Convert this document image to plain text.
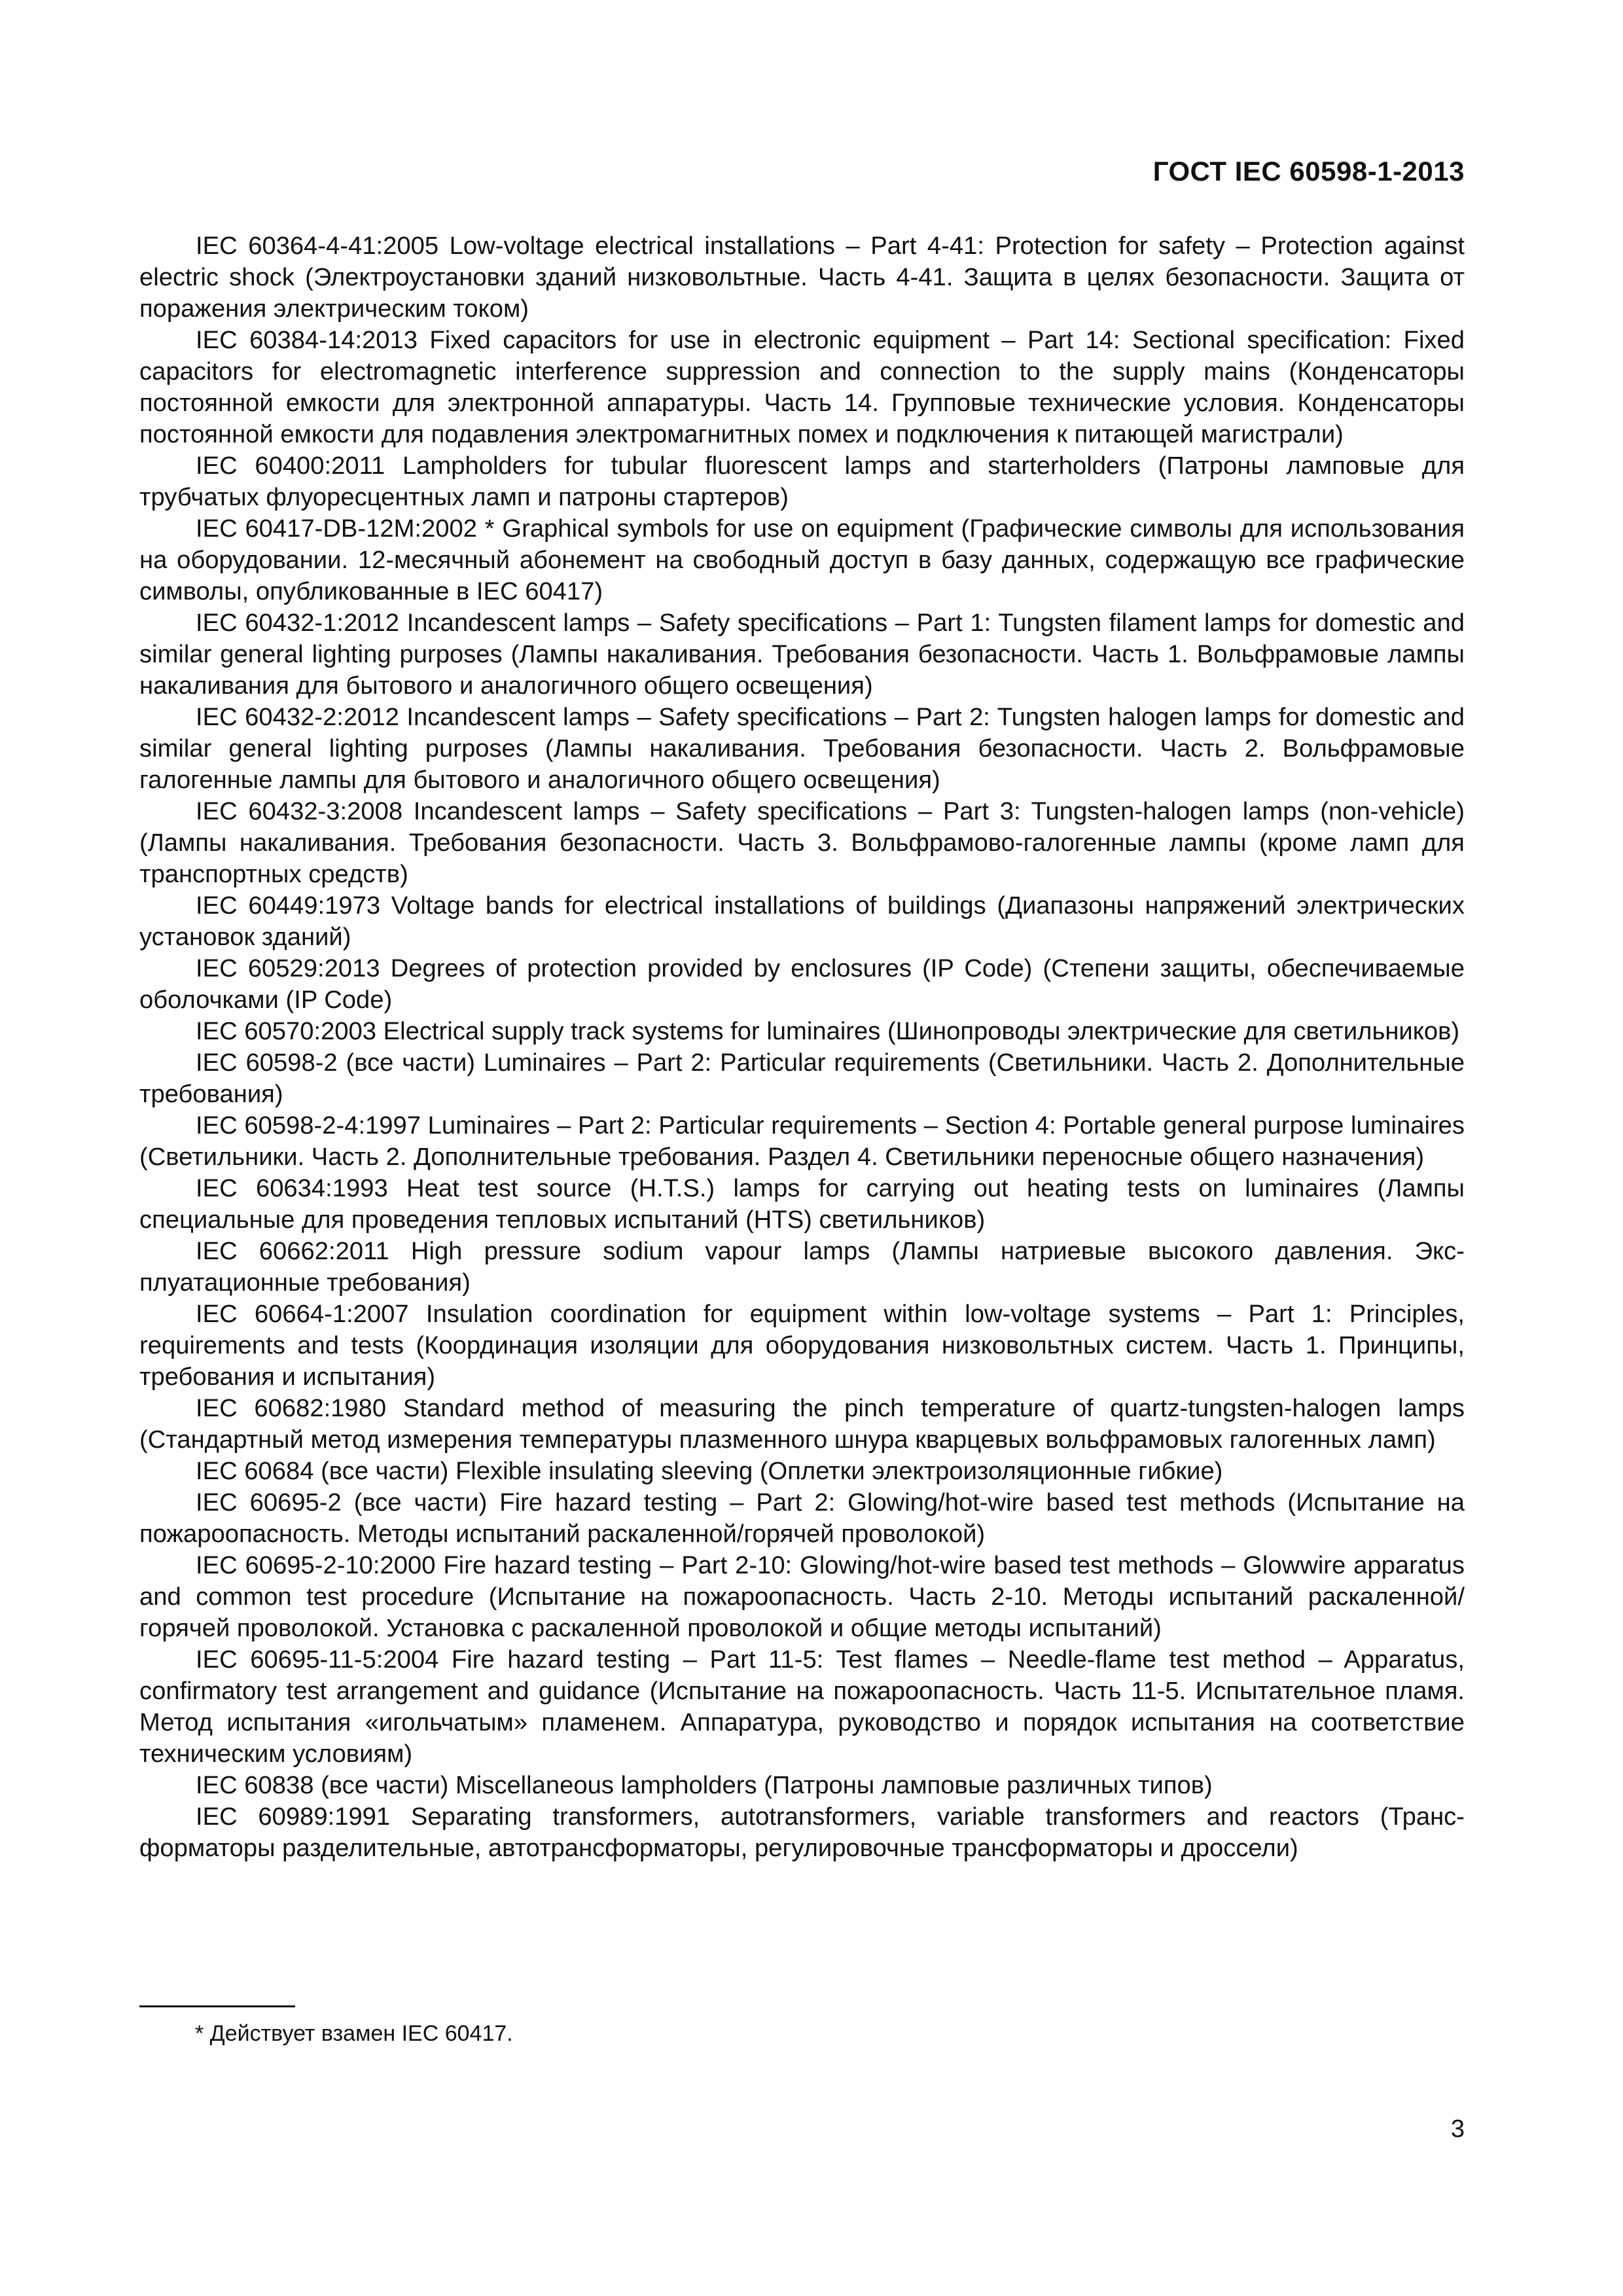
ГОСТ IEC 60598-1-2013

IEC 60364-4-41:2005 Low-voltage electrical installations – Part 4-41: Protection for safety – Protection against electric shock (Электроустановки зданий низковольтные. Часть 4-41. Защита в целях безопасности. Защита от поражения электрическим током)

IEC 60384-14:2013 Fixed capacitors for use in electronic equipment – Part 14: Sectional specification: Fixed capacitors for electromagnetic interference suppression and connection to the supply mains (Конденсаторы постоянной емкости для электронной аппаратуры. Часть 14. Групповые технические условия. Конденсаторы постоянной емкости для подавления электромагнитных помех и подключения к питающей магистрали)

IEC 60400:2011 Lampholders for tubular fluorescent lamps and starterholders (Патроны ламповые для трубчатых флуоресцентных ламп и патроны стартеров)

IEC 60417-DB-12M:2002 * Graphical symbols for use on equipment (Графические символы для использования на оборудовании. 12-месячный абонемент на свободный доступ в базу данных, содержащую все графические символы, опубликованные в IEC 60417)

IEC 60432-1:2012 Incandescent lamps – Safety specifications – Part 1: Tungsten filament lamps for domestic and similar general lighting purposes (Лампы накаливания. Требования безопасности. Часть 1. Вольфрамовые лампы накаливания для бытового и аналогичного общего освещения)

IEC 60432-2:2012 Incandescent lamps – Safety specifications – Part 2: Tungsten halogen lamps for domestic and similar general lighting purposes (Лампы накаливания. Требования безопасности. Часть 2. Вольфрамовые галогенные лампы для бытового и аналогичного общего освещения)

IEC 60432-3:2008 Incandescent lamps – Safety specifications – Part 3: Tungsten-halogen lamps (non-vehicle) (Лампы накаливания. Требования безопасности. Часть 3. Вольфрамово-галогенные лампы (кроме ламп для транспортных средств)

IEC 60449:1973 Voltage bands for electrical installations of buildings (Диапазоны напряжений электрических установок зданий)

IEC 60529:2013 Degrees of protection provided by enclosures (IP Code) (Степени защиты, обеспечиваемые оболочками (IP Code)

IEC 60570:2003 Electrical supply track systems for luminaires (Шинопроводы электрические для светильников)

IEC 60598-2 (все части) Luminaires – Part 2: Particular requirements (Светильники. Часть 2. Дополнительные требования)

IEC 60598-2-4:1997 Luminaires – Part 2: Particular requirements – Section 4: Portable general purpose luminaires (Светильники. Часть 2. Дополнительные требования. Раздел 4. Светильники переносные общего назначения)

IEC 60634:1993 Heat test source (H.T.S.) lamps for carrying out heating tests on luminaires (Лампы специальные для проведения тепловых испытаний (HTS) светильников)

IEC 60662:2011 High pressure sodium vapour lamps (Лампы натриевые высокого давления. Эксплуатационные требования)

IEC 60664-1:2007 Insulation coordination for equipment within low-voltage systems – Part 1: Principles, requirements and tests (Координация изоляции для оборудования низковольтных систем. Часть 1. Принципы, требования и испытания)

IEC 60682:1980 Standard method of measuring the pinch temperature of quartz-tungsten-halogen lamps (Стандартный метод измерения температуры плазменного шнура кварцевых вольфрамовых галогенных ламп)

IEC 60684 (все части) Flexible insulating sleeving (Оплетки электроизоляционные гибкие)

IEC 60695-2 (все части) Fire hazard testing – Part 2: Glowing/hot-wire based test methods (Испытание на пожароопасность. Методы испытаний раскаленной/горячей проволокой)

IEC 60695-2-10:2000 Fire hazard testing – Part 2-10: Glowing/hot-wire based test methods – Glowwire apparatus and common test procedure (Испытание на пожароопасность. Часть 2-10. Методы испытаний раскаленной/горячей проволокой. Установка с раскаленной проволокой и общие методы испытаний)

IEC 60695-11-5:2004 Fire hazard testing – Part 11-5: Test flames – Needle-flame test method – Apparatus, confirmatory test arrangement and guidance (Испытание на пожароопасность. Часть 11-5. Испытательное пламя. Метод испытания «игольчатым» пламенем. Аппаратура, руководство и порядок испытания на соответствие техническим условиям)

IEC 60838 (все части) Miscellaneous lampholders (Патроны ламповые различных типов)

IEC 60989:1991 Separating transformers, autotransformers, variable transformers and reactors (Трансформаторы разделительные, автотрансформаторы, регулировочные трансформаторы и дроссели)

* Действует взамен IEC 60417.
3
